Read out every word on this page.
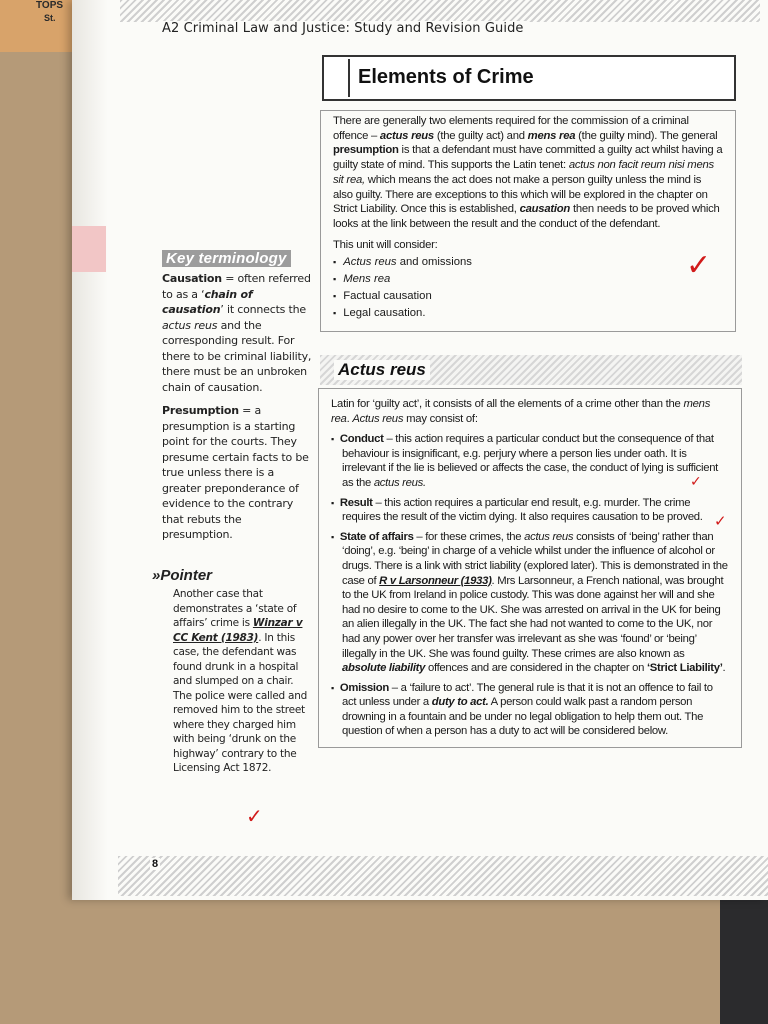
TOPS
St.
A2 Criminal Law and Justice: Study and Revision Guide
Elements of Crime

There are generally two elements required for the commission of a criminal offence – actus reus (the guilty act) and mens rea (the guilty mind). The general presumption is that a defendant must have committed a guilty act whilst having a guilty state of mind. This supports the Latin tenet: actus non facit reum nisi mens sit rea, which means the act does not make a person guilty unless the mind is also guilty. There are exceptions to this which will be explored in the chapter on Strict Liability. Once this is established, causation then needs to be proved which looks at the link between the result and the conduct of the defendant.

This unit will consider:

▪ Actus reus and omissions
▪ Mens rea
▪ Factual causation
▪ Legal causation.
Key terminology
Causation = often referred to as a ‘chain of causation’ it connects the actus reus and the corresponding result. For there to be criminal liability, there must be an unbroken chain of causation.
Presumption = a presumption is a starting point for the courts. They presume certain facts to be true unless there is a greater preponderance of evidence to the contrary that rebuts the presumption.
»Pointer
Another case that demonstrates a ‘state of affairs’ crime is Winzar v CC Kent (1983). In this case, the defendant was found drunk in a hospital and slumped on a chair. The police were called and removed him to the street where they charged him with being ‘drunk on the highway’ contrary to the Licensing Act 1872.
Actus reus

Latin for ‘guilty act’, it consists of all the elements of a crime other than the mens rea. Actus reus may consist of:

▪ Conduct – this action requires a particular conduct but the consequence of that behaviour is insignificant, e.g. perjury where a person lies under oath. It is irrelevant if the lie is believed or affects the case, the conduct of lying is sufficient as the actus reus.
▪ Result – this action requires a particular end result, e.g. murder. The crime requires the result of the victim dying. It also requires causation to be proved.
▪ State of affairs – for these crimes, the actus reus consists of ‘being’ rather than ‘doing’, e.g. ‘being’ in charge of a vehicle whilst under the influence of alcohol or drugs. There is a link with strict liability (explored later). This is demonstrated in the case of R v Larsonneur (1933). Mrs Larsonneur, a French national, was brought to the UK from Ireland in police custody. This was done against her will and she had no desire to come to the UK. She was arrested on arrival in the UK for being an alien illegally in the UK. The fact she had not wanted to come to the UK, nor had any power over her transfer was irrelevant as she was ‘found’ or ‘being’ illegally in the UK. She was found guilty. These crimes are also known as absolute liability offences and are considered in the chapter on ‘Strict Liability’.
▪ Omission – a ‘failure to act’. The general rule is that it is not an offence to fail to act unless under a duty to act. A person could walk past a random person drowning in a fountain and be under no legal obligation to help them out. The question of when a person has a duty to act will be considered below.
✓
✓
✓
✓
8
